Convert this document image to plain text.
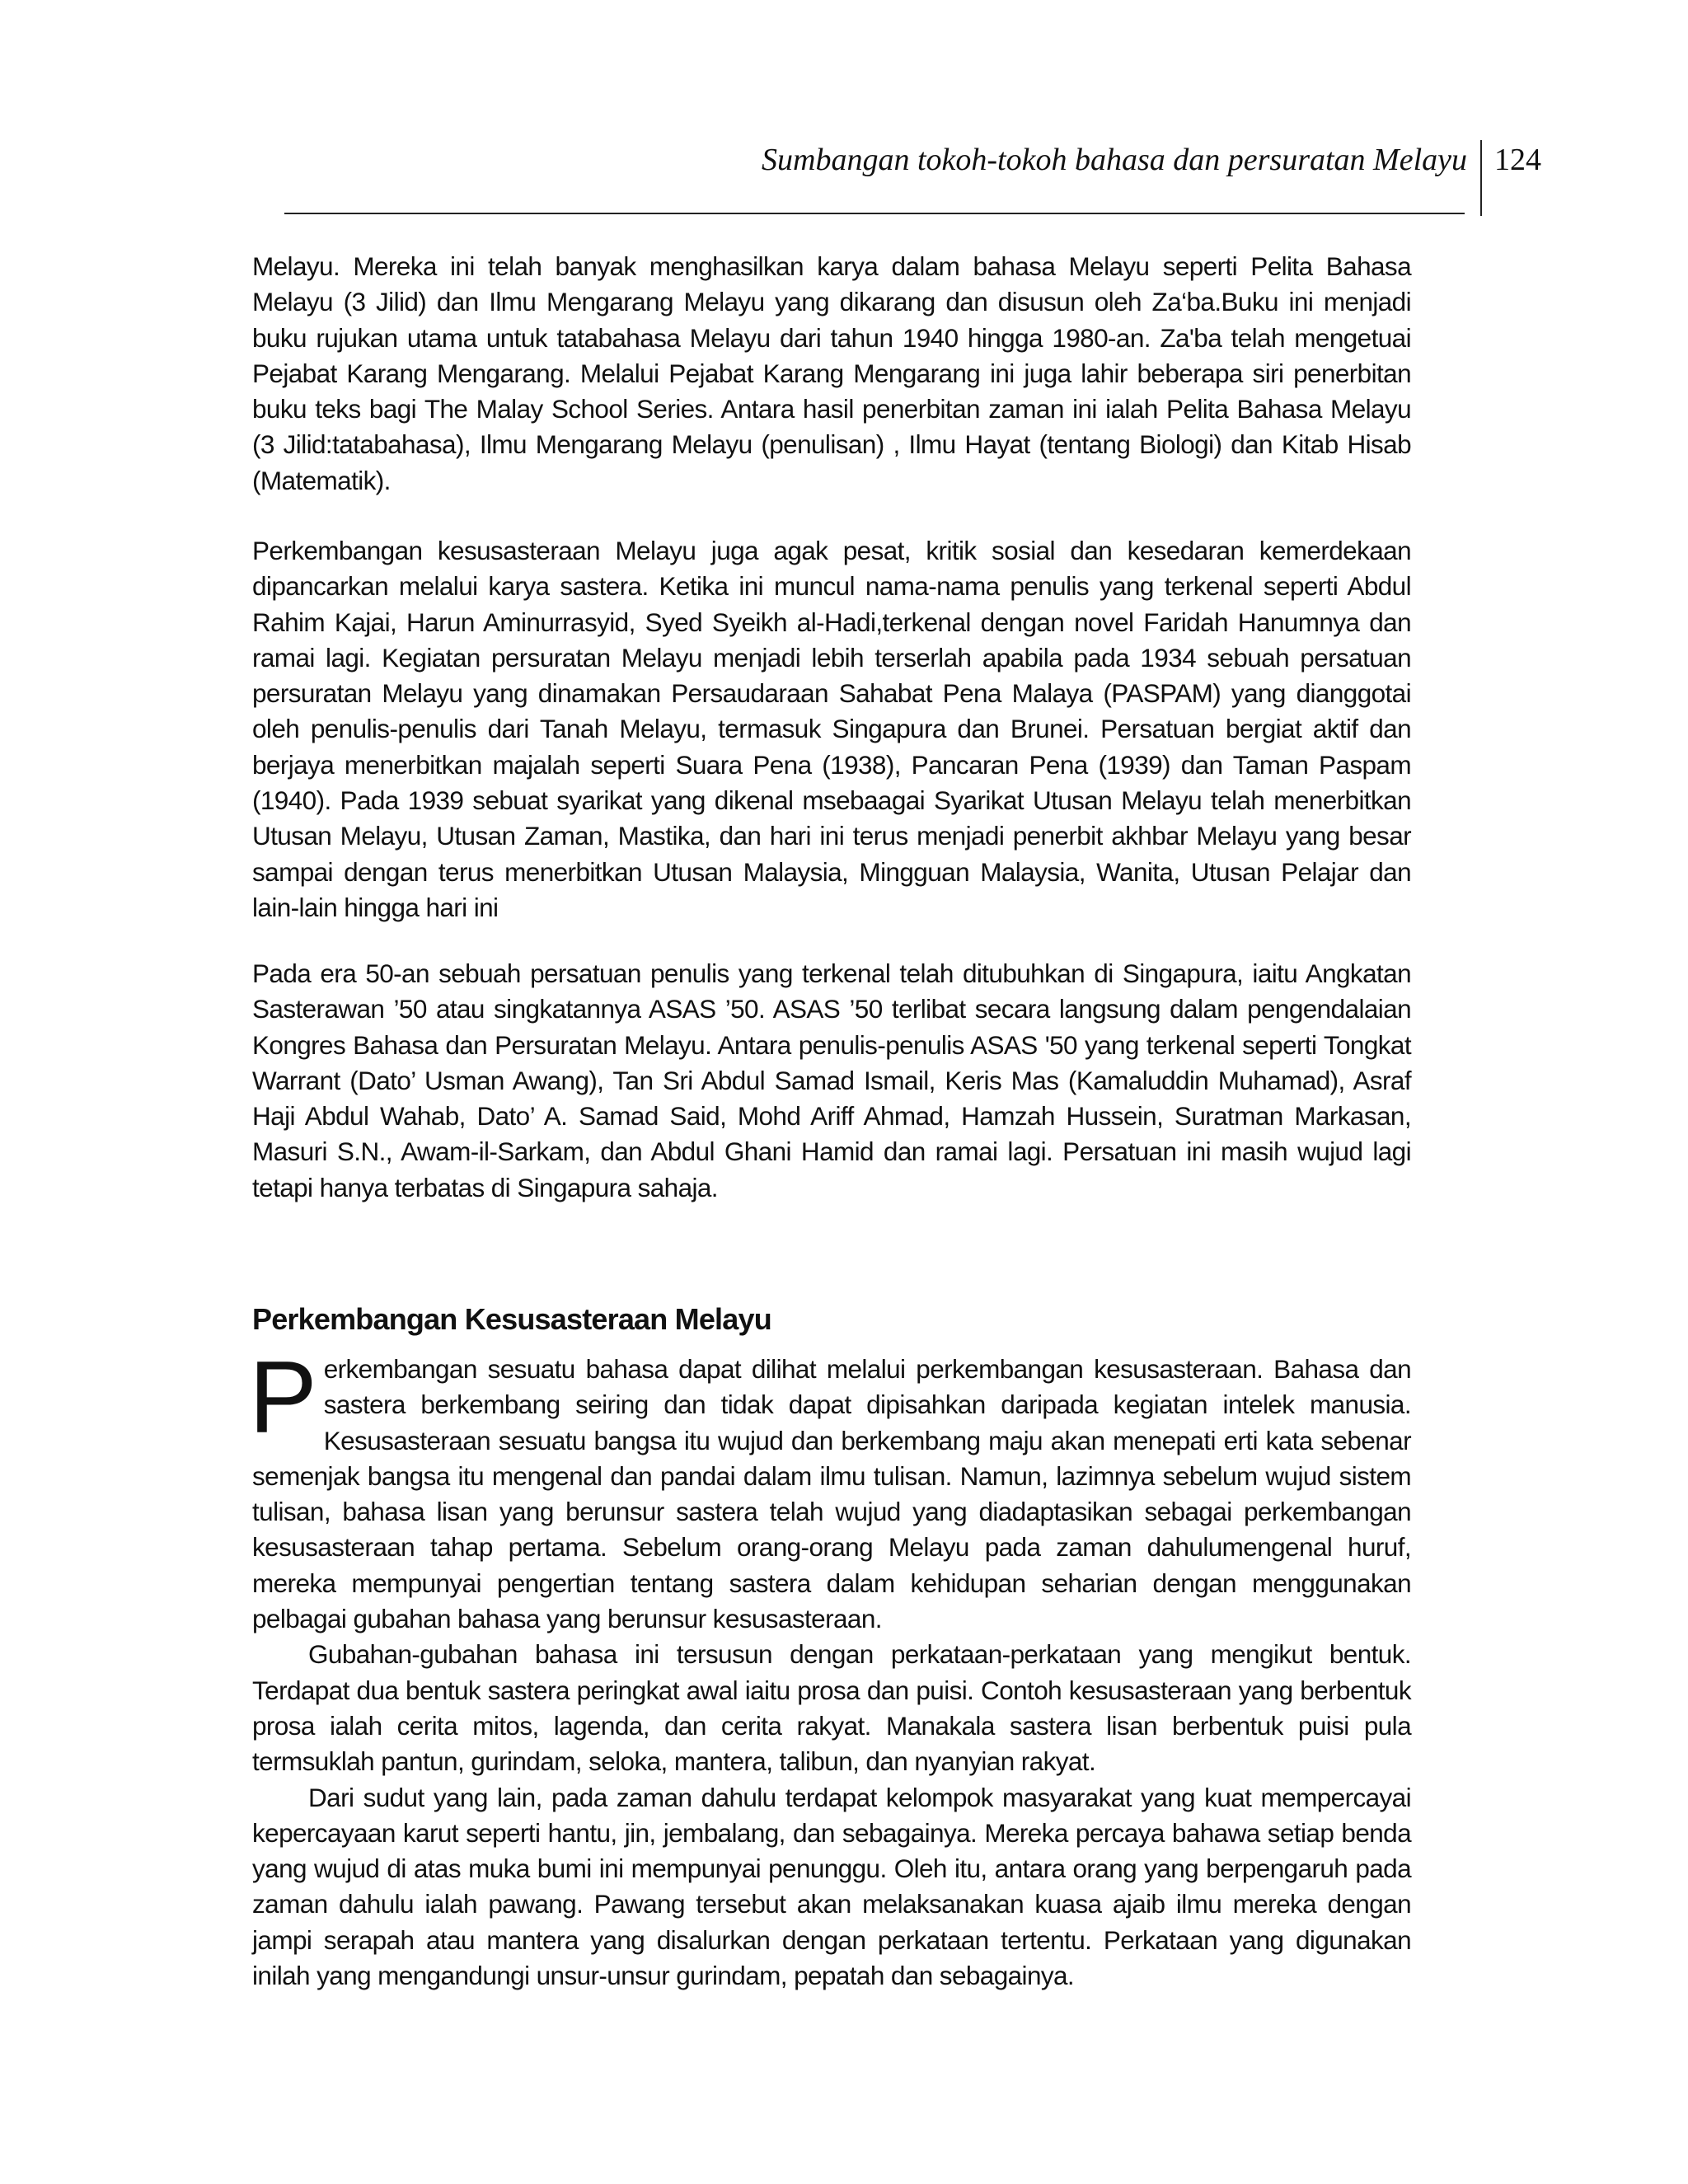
Sumbangan tokoh-tokoh bahasa dan persuratan Melayu 124

Melayu. Mereka ini telah banyak menghasilkan karya dalam bahasa Melayu seperti Pelita Bahasa Melayu (3 Jilid) dan Ilmu Mengarang Melayu yang dikarang dan disusun oleh Za‘ba.Buku ini menjadi buku rujukan utama untuk tatabahasa Melayu dari tahun 1940 hingga 1980-an. Za'ba telah mengetuai Pejabat Karang Mengarang. Melalui Pejabat Karang Mengarang ini juga lahir beberapa siri penerbitan buku teks bagi The Malay School Series. Antara hasil penerbitan zaman ini ialah Pelita Bahasa Melayu (3 Jilid:tatabahasa), Ilmu Mengarang Melayu (penulisan) , Ilmu Hayat (tentang Biologi) dan Kitab Hisab (Matematik).

Perkembangan kesusasteraan Melayu juga agak pesat, kritik sosial dan kesedaran kemerdekaan dipancarkan melalui karya sastera. Ketika ini muncul nama-nama penulis yang terkenal seperti Abdul Rahim Kajai, Harun Aminurrasyid, Syed Syeikh al-Hadi,terkenal dengan novel Faridah Hanumnya dan ramai lagi. Kegiatan persuratan Melayu menjadi lebih terserlah apabila pada 1934 sebuah persatuan persuratan Melayu yang dinamakan Persaudaraan Sahabat Pena Malaya (PASPAM) yang dianggotai oleh penulis-penulis dari Tanah Melayu, termasuk Singapura dan Brunei. Persatuan bergiat aktif dan berjaya menerbitkan majalah seperti Suara Pena (1938), Pancaran Pena (1939) dan Taman Paspam (1940). Pada 1939 sebuat syarikat yang dikenal msebaagai Syarikat Utusan Melayu telah menerbitkan Utusan Melayu, Utusan Zaman, Mastika, dan hari ini terus menjadi penerbit akhbar Melayu yang besar sampai dengan terus menerbitkan Utusan Malaysia, Mingguan Malaysia, Wanita, Utusan Pelajar dan lain-lain hingga hari ini

Pada era 50-an sebuah persatuan penulis yang terkenal telah ditubuhkan di Singapura, iaitu Angkatan Sasterawan ’50 atau singkatannya ASAS ’50. ASAS ’50 terlibat secara langsung dalam pengendalaian Kongres Bahasa dan Persuratan Melayu. Antara penulis-penulis ASAS '50 yang terkenal seperti Tongkat Warrant (Dato’ Usman Awang), Tan Sri Abdul Samad Ismail, Keris Mas (Kamaluddin Muhamad), Asraf Haji Abdul Wahab, Dato’ A. Samad Said, Mohd Ariff Ahmad, Hamzah Hussein, Suratman Markasan, Masuri S.N., Awam-il-Sarkam, dan Abdul Ghani Hamid dan ramai lagi. Persatuan ini masih wujud lagi tetapi hanya terbatas di Singapura sahaja.

Perkembangan Kesusasteraan Melayu

Perkembangan sesuatu bahasa dapat dilihat melalui perkembangan kesusasteraan. Bahasa dan sastera berkembang seiring dan tidak dapat dipisahkan daripada kegiatan intelek manusia. Kesusasteraan sesuatu bangsa itu wujud dan berkembang maju akan menepati erti kata sebenar semenjak bangsa itu mengenal dan pandai dalam ilmu tulisan. Namun, lazimnya sebelum wujud sistem tulisan, bahasa lisan yang berunsur sastera telah wujud yang diadaptasikan sebagai perkembangan kesusasteraan tahap pertama. Sebelum orang-orang Melayu pada zaman dahulumengenal huruf, mereka mempunyai pengertian tentang sastera dalam kehidupan seharian dengan menggunakan pelbagai gubahan bahasa yang berunsur kesusasteraan.

Gubahan-gubahan bahasa ini tersusun dengan perkataan-perkataan yang mengikut bentuk. Terdapat dua bentuk sastera peringkat awal iaitu prosa dan puisi. Contoh kesusasteraan yang berbentuk prosa ialah cerita mitos, lagenda, dan cerita rakyat. Manakala sastera lisan berbentuk puisi pula termsuklah pantun, gurindam, seloka, mantera, talibun, dan nyanyian rakyat.

Dari sudut yang lain, pada zaman dahulu terdapat kelompok masyarakat yang kuat mempercayai kepercayaan karut seperti hantu, jin, jembalang, dan sebagainya. Mereka percaya bahawa setiap benda yang wujud di atas muka bumi ini mempunyai penunggu. Oleh itu, antara orang yang berpengaruh pada zaman dahulu ialah pawang. Pawang tersebut akan melaksanakan kuasa ajaib ilmu mereka dengan jampi serapah atau mantera yang disalurkan dengan perkataan tertentu. Perkataan yang digunakan inilah yang mengandungi unsur-unsur gurindam, pepatah dan sebagainya.
